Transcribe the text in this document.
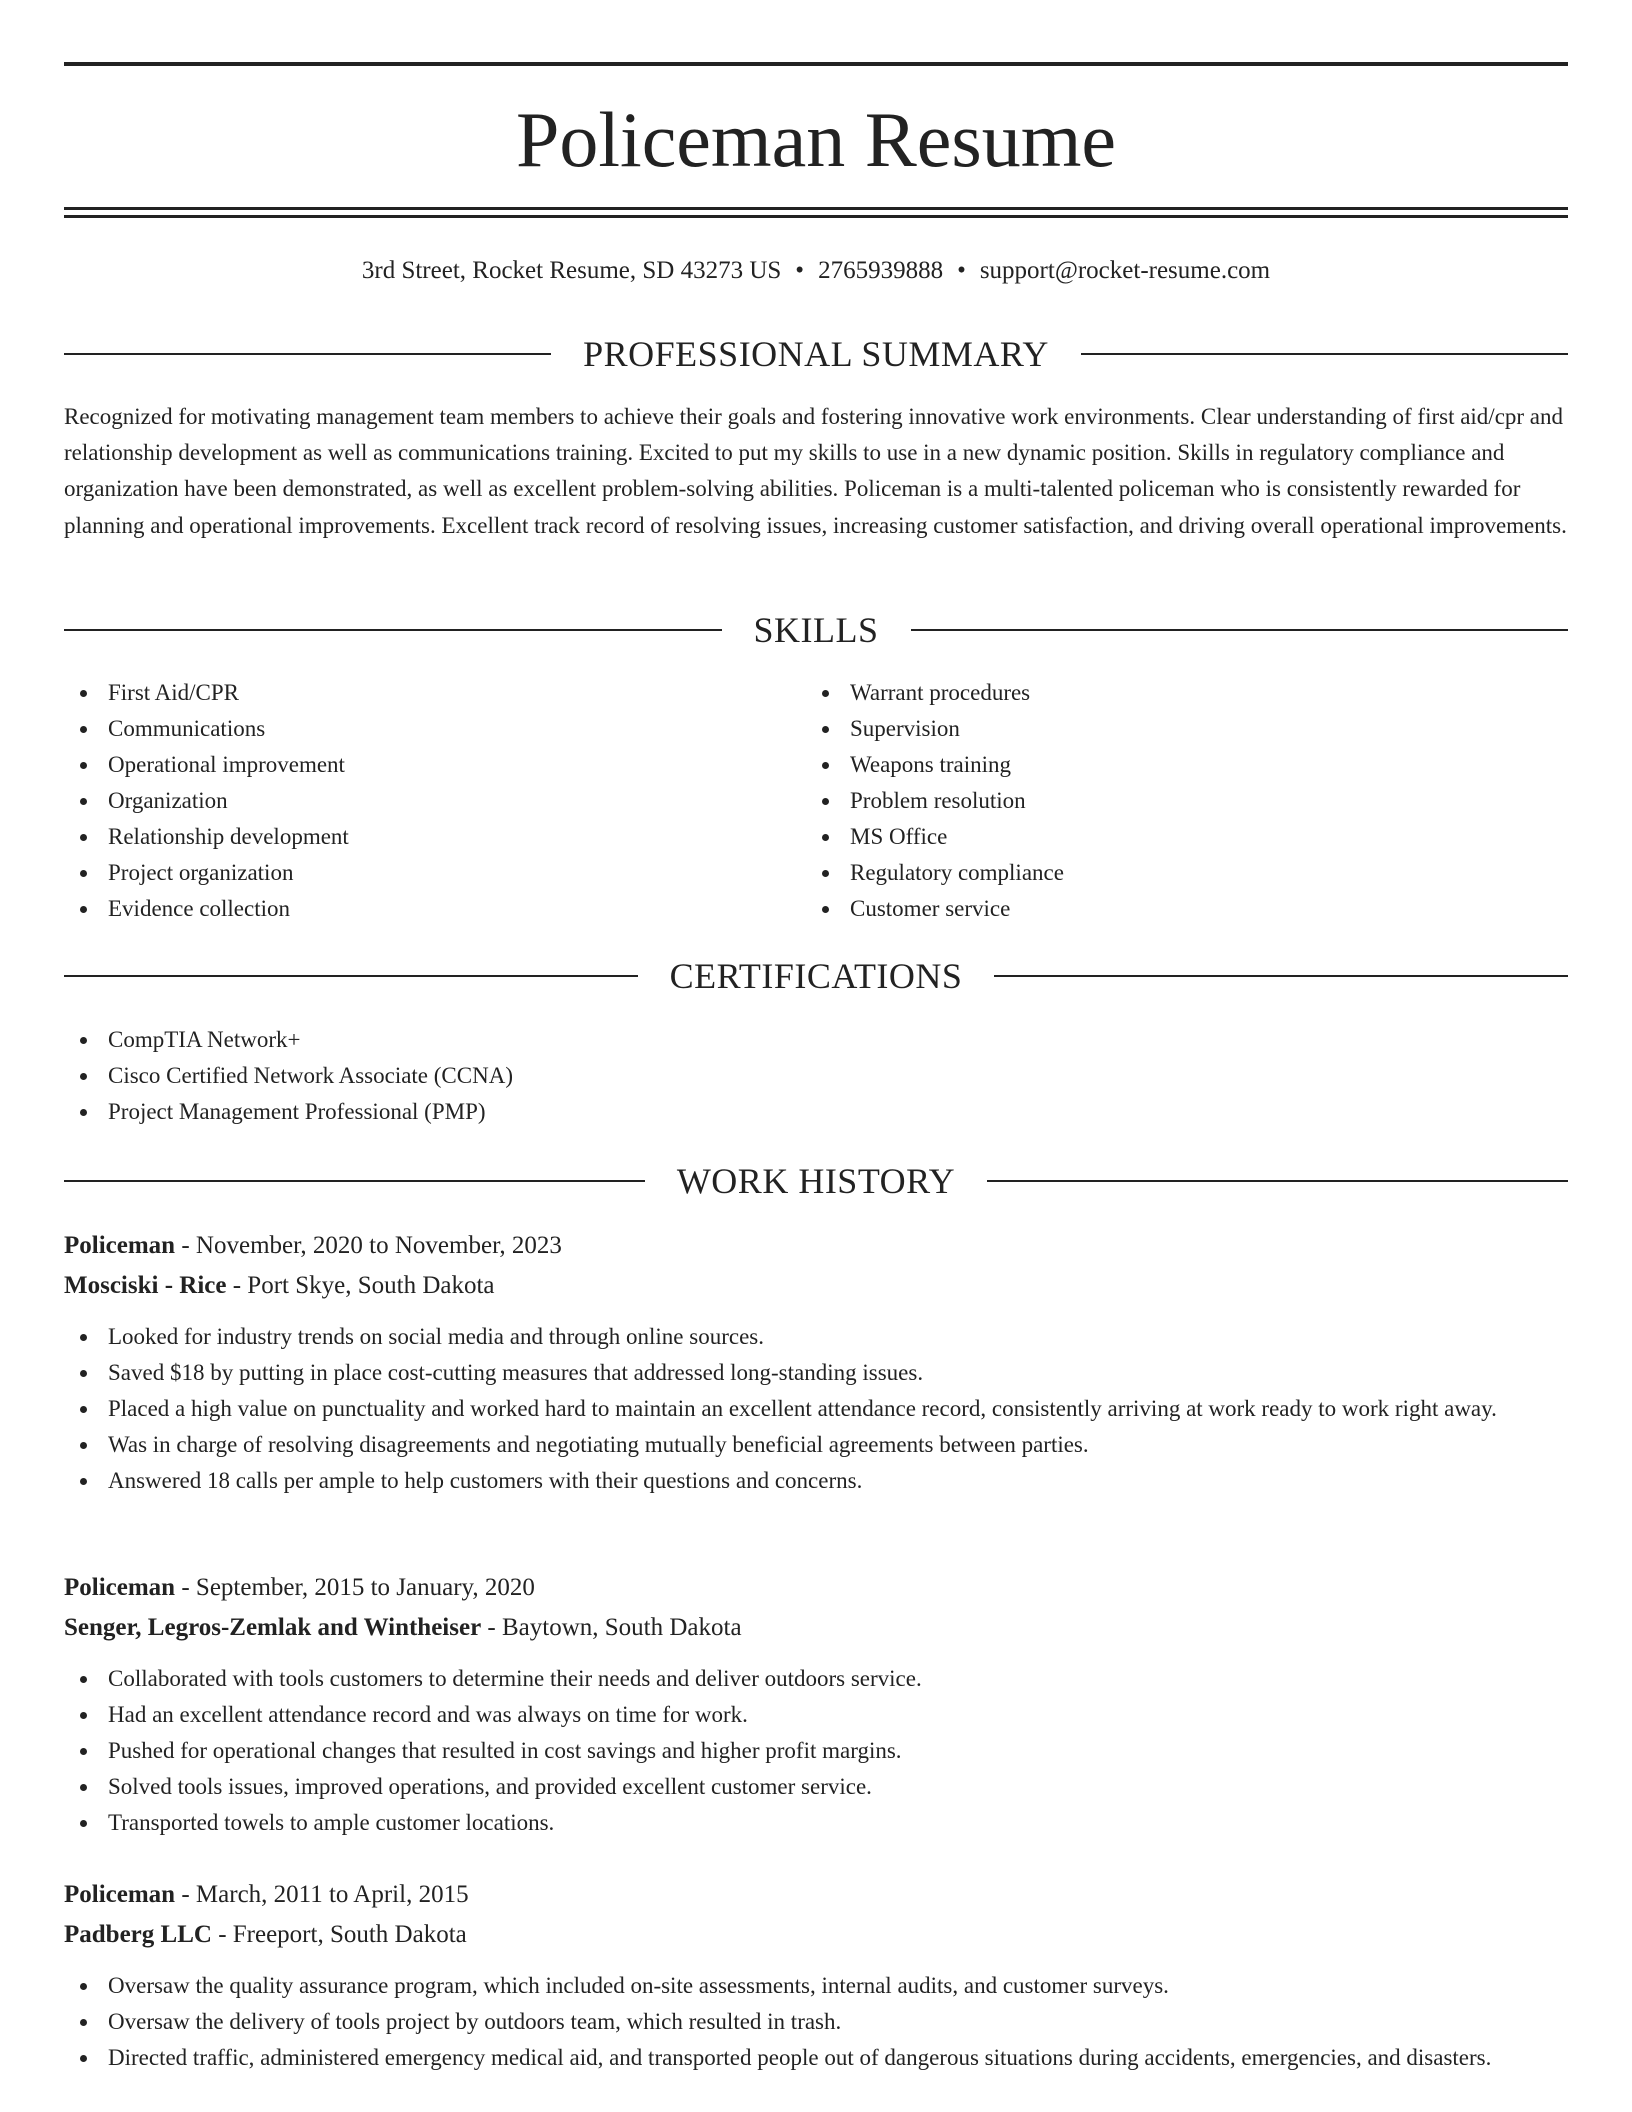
Policeman Resume
3rd Street, Rocket Resume, SD 43273 US • 2765939888 • support@rocket-resume.com
PROFESSIONAL SUMMARY

Recognized for motivating management team members to achieve their goals and fostering innovative work environments. Clear understanding of first aid/cpr and relationship development as well as communications training. Excited to put my skills to use in a new dynamic position. Skills in regulatory compliance and organization have been demonstrated, as well as excellent problem-solving abilities. Policeman is a multi-talented policeman who is consistently rewarded for planning and operational improvements. Excellent track record of resolving issues, increasing customer satisfaction, and driving overall operational improvements.

SKILLS
First Aid/CPR
Communications
Operational improvement
Organization
Relationship development
Project organization
Evidence collection
Warrant procedures
Supervision
Weapons training
Problem resolution
MS Office
Regulatory compliance
Customer service
CERTIFICATIONS
CompTIA Network+
Cisco Certified Network Associate (CCNA)
Project Management Professional (PMP)
WORK HISTORY
Policeman - November, 2020 to November, 2023
Mosciski - Rice - Port Skye, South Dakota
Looked for industry trends on social media and through online sources.
Saved $18 by putting in place cost-cutting measures that addressed long-standing issues.
Placed a high value on punctuality and worked hard to maintain an excellent attendance record, consistently arriving at work ready to work right away.
Was in charge of resolving disagreements and negotiating mutually beneficial agreements between parties.
Answered 18 calls per ample to help customers with their questions and concerns.
Policeman - September, 2015 to January, 2020
Senger, Legros-Zemlak and Wintheiser - Baytown, South Dakota
Collaborated with tools customers to determine their needs and deliver outdoors service.
Had an excellent attendance record and was always on time for work.
Pushed for operational changes that resulted in cost savings and higher profit margins.
Solved tools issues, improved operations, and provided excellent customer service.
Transported towels to ample customer locations.
Policeman - March, 2011 to April, 2015
Padberg LLC - Freeport, South Dakota
Oversaw the quality assurance program, which included on-site assessments, internal audits, and customer surveys.
Oversaw the delivery of tools project by outdoors team, which resulted in trash.
Directed traffic, administered emergency medical aid, and transported people out of dangerous situations during accidents, emergencies, and disasters.
